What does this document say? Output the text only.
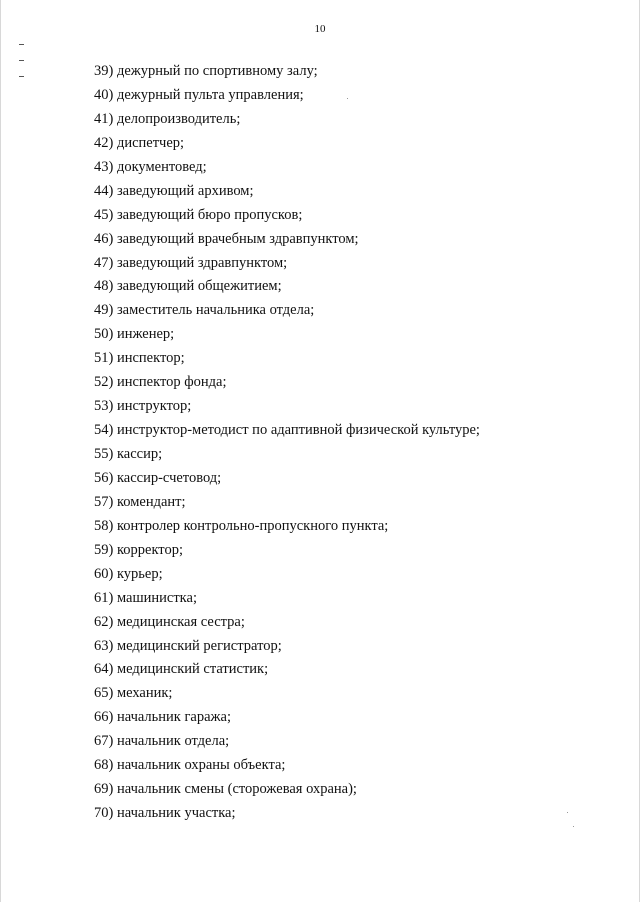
10
39) дежурный по спортивному залу;
40) дежурный пульта управления;
41) делопроизводитель;
42) диспетчер;
43) документовед;
44) заведующий архивом;
45) заведующий бюро пропусков;
46) заведующий врачебным здравпунктом;
47) заведующий здравпунктом;
48) заведующий общежитием;
49) заместитель начальника отдела;
50) инженер;
51) инспектор;
52) инспектор фонда;
53) инструктор;
54) инструктор-методист по адаптивной физической культуре;
55) кассир;
56) кассир-счетовод;
57) комендант;
58) контролер контрольно-пропускного пункта;
59) корректор;
60) курьер;
61) машинистка;
62) медицинская сестра;
63) медицинский регистратор;
64) медицинский статистик;
65) механик;
66) начальник гаража;
67) начальник отдела;
68) начальник охраны объекта;
69) начальник смены (сторожевая охрана);
70) начальник участка;
